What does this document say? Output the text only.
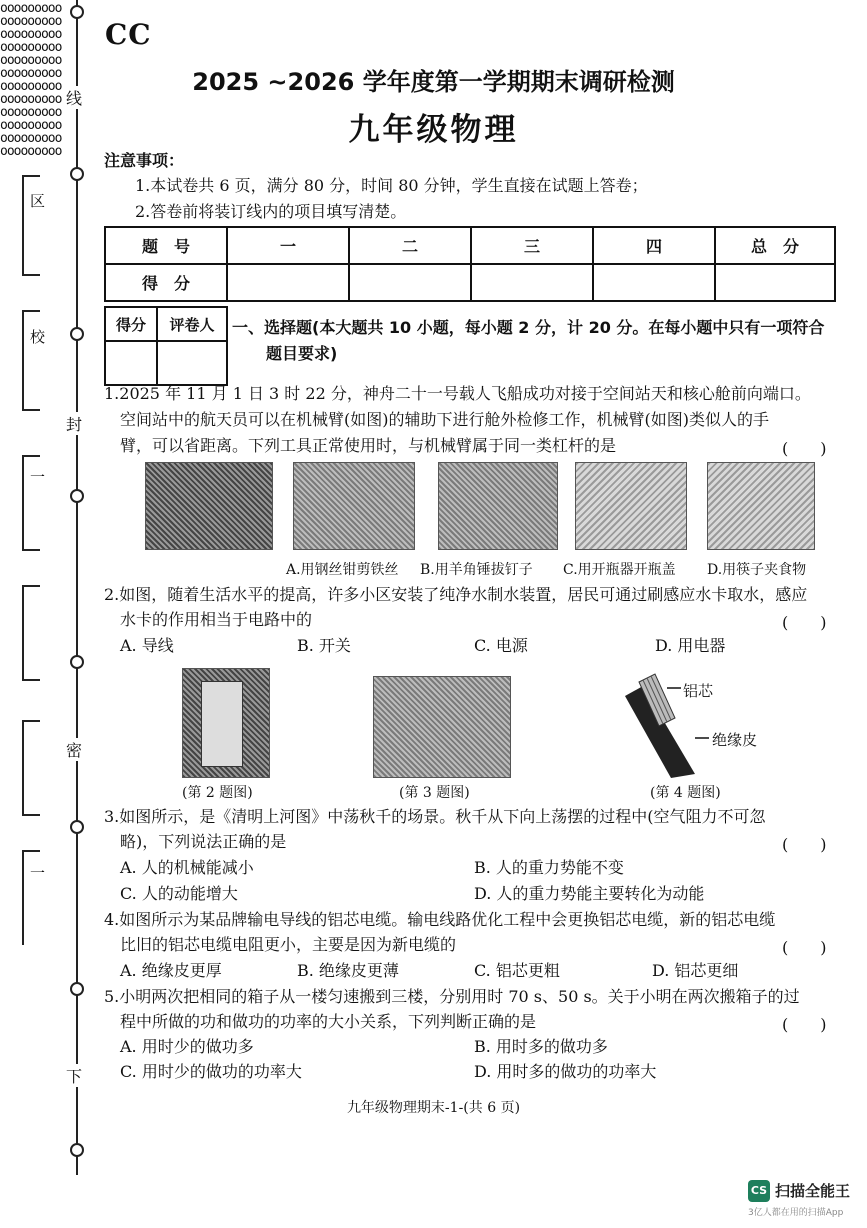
ooooooooo
ooooooooo
ooooooooo
ooooooooo
ooooooooo
ooooooooo
ooooooooo
ooooooooo
ooooooooo
ooooooooo
ooooooooo
ooooooooo
线
封
密
下
区
校
一
一
CC
2025 ~2026 学年度第一学期期末调研检测
九年级物理
注意事项：
1.本试卷共 6 页，满分 80 分，时间 80 分钟，学生直接在试题上答卷；
2.答卷前将装订线内的项目填写清楚。
题　号	一	二	三	四	总　分
得　分					
得分	评卷人
	一、选择题(本大题共 10 小题，每小题 2 分，计 20 分。在每小题中只有一项符合
题目要求)
1.2025 年 11 月 1 日 3 时 22 分，神舟二十一号载人飞船成功对接于空间站天和核心舱前向端口。
空间站中的航天员可以在机械臂(如图)的辅助下进行舱外检修工作，机械臂(如图)类似人的手
臂，可以省距离。下列工具正常使用时，与机械臂属于同一类杠杆的是	(　　)
A.用钢丝钳剪铁丝 B.用羊角锤拔钉子 C.用开瓶器开瓶盖 D.用筷子夹食物
2.如图，随着生活水平的提高，许多小区安装了纯净水制水装置，居民可通过刷感应水卡取水，感应
水卡的作用相当于电路中的	(　　)
A. 导线	B. 开关	C. 电源	D. 用电器
铝芯
绝缘皮
(第 2 题图)	(第 3 题图)	(第 4 题图)
3.如图所示，是《清明上河图》中荡秋千的场景。秋千从下向上荡摆的过程中(空气阻力不可忽
略)，下列说法正确的是	(　　)
A. 人的机械能减小	B. 人的重力势能不变
C. 人的动能增大	D. 人的重力势能主要转化为动能
4.如图所示为某品牌输电导线的铝芯电缆。输电线路优化工程中会更换铝芯电缆，新的铝芯电缆
比旧的铝芯电缆电阻更小，主要是因为新电缆的	(　　)
A. 绝缘皮更厚	B. 绝缘皮更薄	C. 铝芯更粗	D. 铝芯更细
5.小明两次把相同的箱子从一楼匀速搬到三楼，分别用时 70 s、50 s。关于小明在两次搬箱子的过
程中所做的功和做功的功率的大小关系，下列判断正确的是	(　　)
A. 用时少的做功多	B. 用时多的做功多
C. 用时少的做功的功率大	D. 用时多的做功的功率大
九年级物理期末-1-(共 6 页)
CS 扫描全能王
3亿人都在用的扫描App
